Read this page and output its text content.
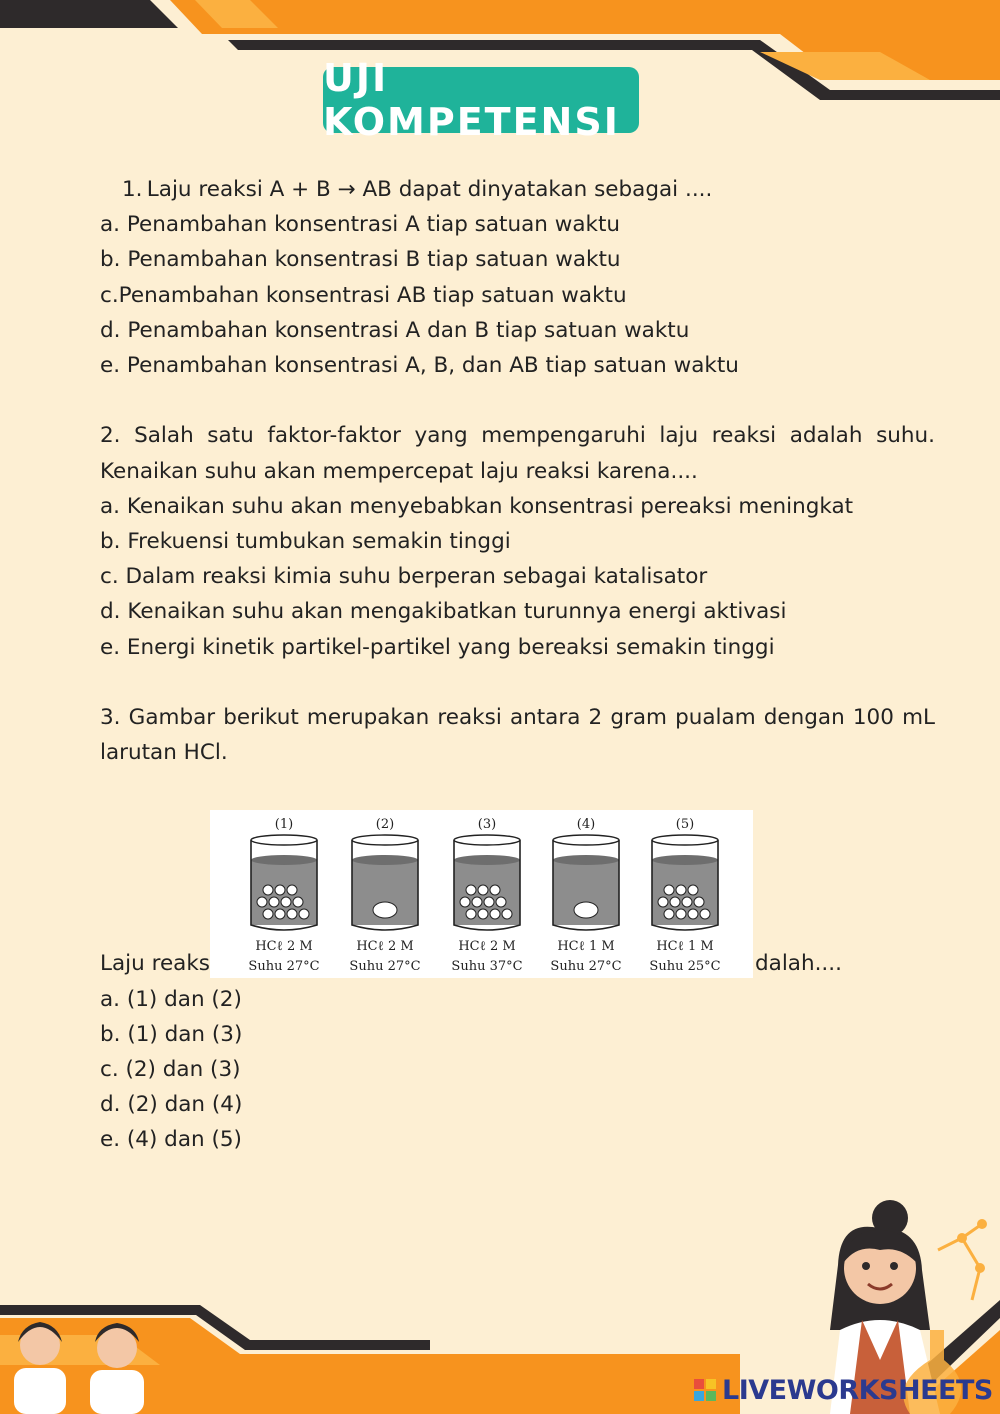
UJI KOMPETENSI
1. Laju reaksi A + B → AB dapat dinyatakan sebagai ....
a. Penambahan konsentrasi A tiap satuan waktu
b. Penambahan konsentrasi B tiap satuan waktu
c.Penambahan konsentrasi AB tiap satuan waktu
d. Penambahan konsentrasi A dan B tiap satuan waktu
e. Penambahan konsentrasi A, B, dan AB tiap satuan waktu
2. Salah satu faktor-faktor yang mempengaruhi laju reaksi adalah suhu. Kenaikan suhu akan mempercepat laju reaksi karena....
a. Kenaikan suhu akan menyebabkan konsentrasi pereaksi meningkat
b. Frekuensi tumbukan semakin tinggi
c. Dalam reaksi kimia suhu berperan sebagai katalisator
d. Kenaikan suhu akan mengakibatkan turunnya energi aktivasi
e. Energi kinetik partikel-partikel yang bereaksi semakin tinggi
3. Gambar berikut merupakan reaksi antara 2 gram pualam dengan 100 mL larutan HCl.
Laju reaks	dalah....
a. (1) dan (2)
b. (1) dan (3)
c. (2) dan (3)
d. (2) dan (4)
e. (4) dan (5)
(1)
HCℓ 2 M
Suhu 27°C
(2)
HCℓ 2 M
Suhu 27°C
(3)
HCℓ 2 M
Suhu 37°C
(4)
HCℓ 1 M
Suhu 27°C
(5)
HCℓ 1 M
Suhu 25°C
LIVEWORKSHEETS
